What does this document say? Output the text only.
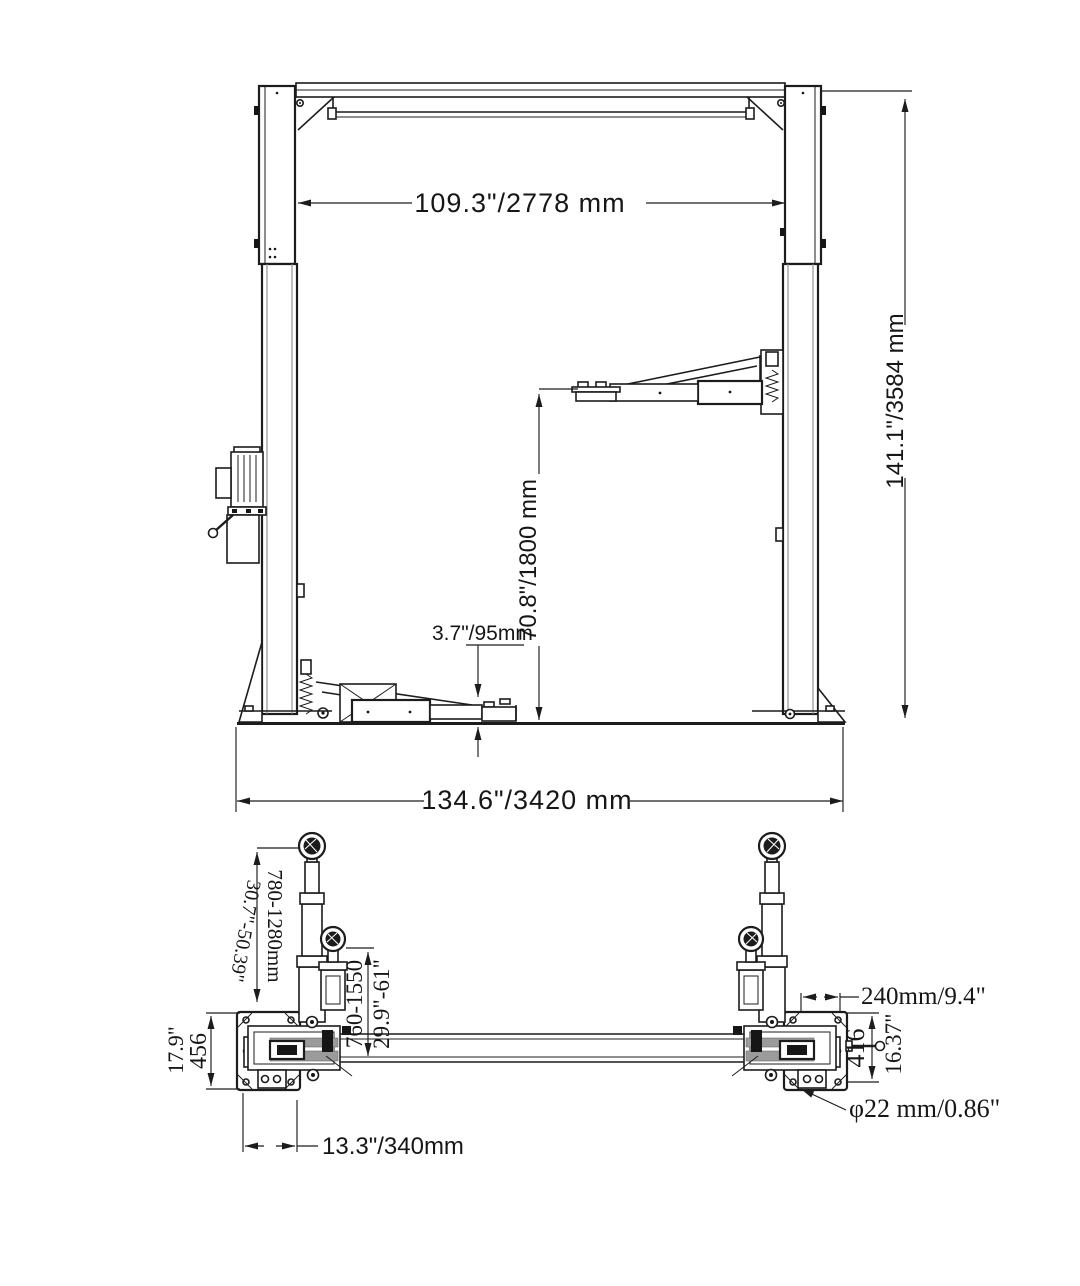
109.3"/2778 mm
141.1"/3584 mm
70.8"/1800 mm
3.7"/95mm
134.6"/3420 mm
780-1280mm
30.7"-50.39"
760-1550 29.9"-61"
456
17.9"
13.3"/340mm
240mm/9.4"
416 16.37"
φ22 mm/0.86"
